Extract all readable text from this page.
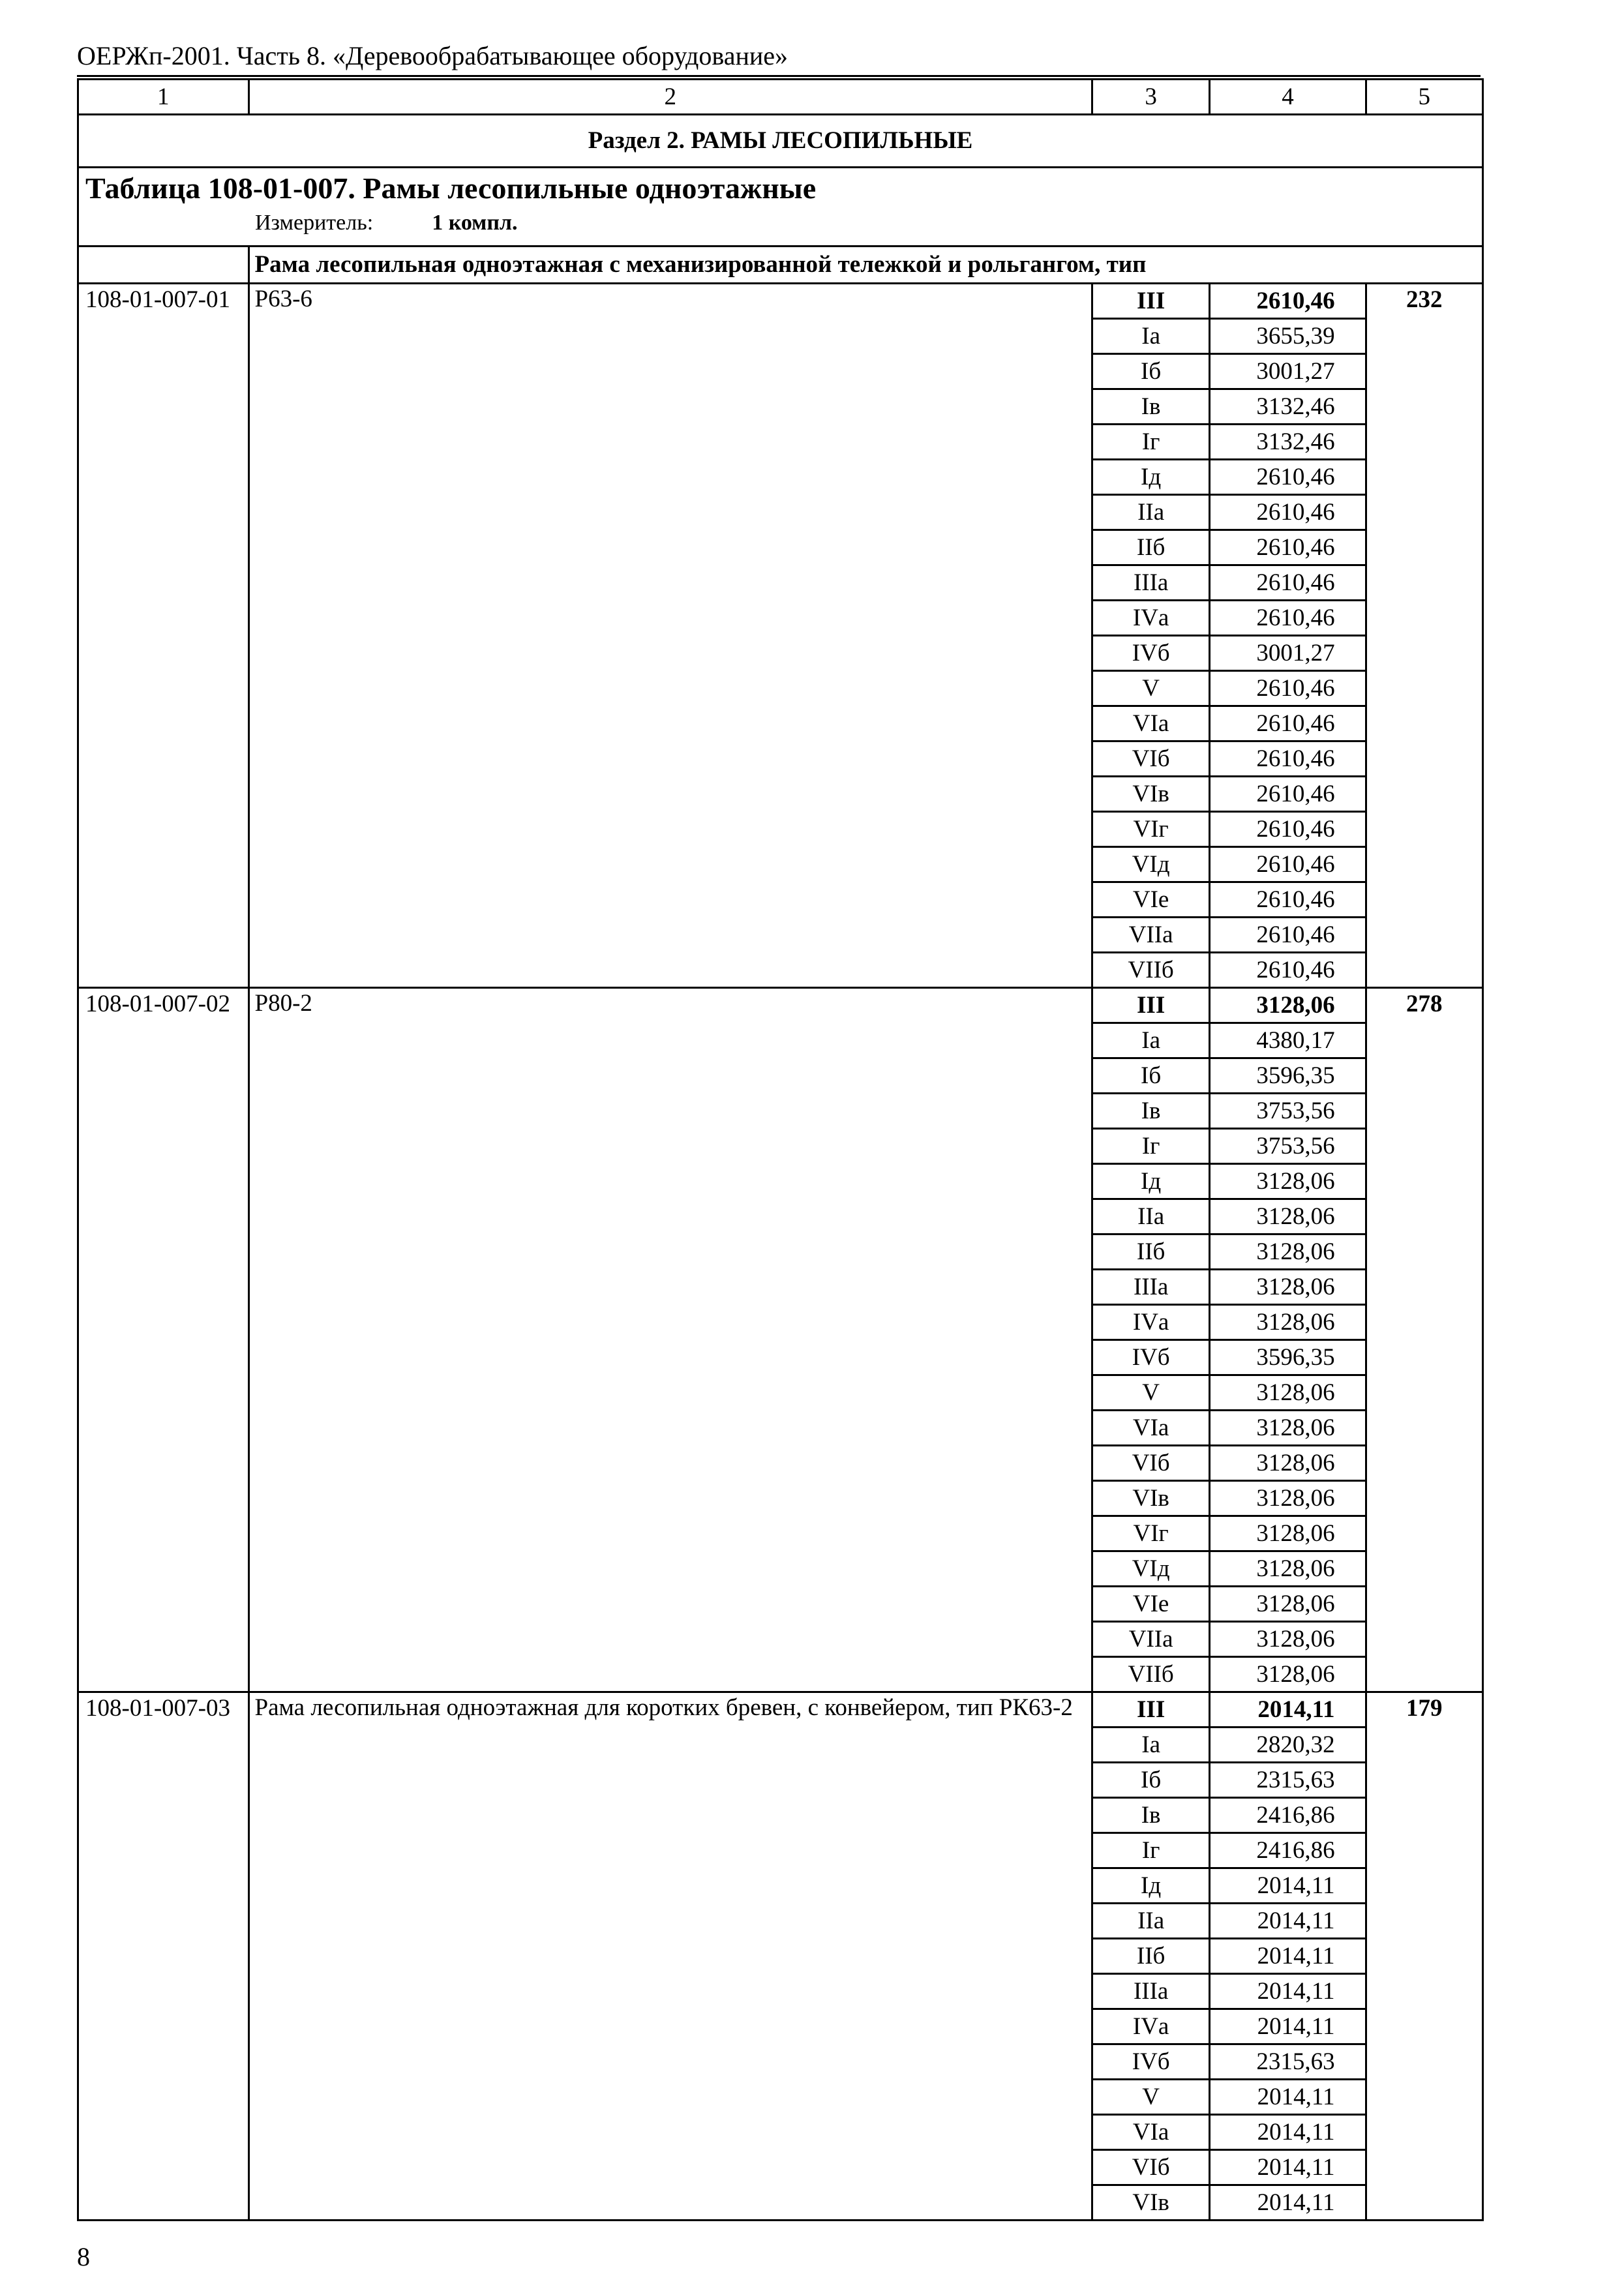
ОЕРЖп-2001. Часть 8. «Деревообрабатывающее оборудование»
1	2	3	4	5
Раздел 2. РАМЫ ЛЕСОПИЛЬНЫЕ				

Таблица 108-01-007. Рамы лесопильные одноэтажные
Измеритель: 1 компл.				

	Рама лесопильная одноэтажная с механизированной тележкой и рольгангом, тип			
108-01-007-01	Р63-6	III	2610,46	232
		Iа	3655,39	
		Iб	3001,27	
		Iв	3132,46	
		Iг	3132,46	
		Iд	2610,46	
		IIа	2610,46	
		IIб	2610,46	
		IIIа	2610,46	
		IVа	2610,46	
		IVб	3001,27	
		V	2610,46	
		VIа	2610,46	
		VIб	2610,46	
		VIв	2610,46	
		VIг	2610,46	
		VIд	2610,46	
		VIе	2610,46	
		VIIа	2610,46	
		VIIб	2610,46	
108-01-007-02	Р80-2	III	3128,06	278
		Iа	4380,17	
		Iб	3596,35	
		Iв	3753,56	
		Iг	3753,56	
		Iд	3128,06	
		IIа	3128,06	
		IIб	3128,06	
		IIIа	3128,06	
		IVа	3128,06	
		IVб	3596,35	
		V	3128,06	
		VIа	3128,06	
		VIб	3128,06	
		VIв	3128,06	
		VIг	3128,06	
		VIд	3128,06	
		VIе	3128,06	
		VIIа	3128,06	
		VIIб	3128,06	
108-01-007-03	Рама лесопильная одноэтажная для коротких бревен, с конвейером, тип РК63-2	III	2014,11	179
		Iа	2820,32	
		Iб	2315,63	
		Iв	2416,86	
		Iг	2416,86	
		Iд	2014,11	
		IIа	2014,11	
		IIб	2014,11	
		IIIа	2014,11	
		IVа	2014,11	
		IVб	2315,63	
		V	2014,11	
		VIа	2014,11	
		VIб	2014,11	
		VIв	2014,11	
8
